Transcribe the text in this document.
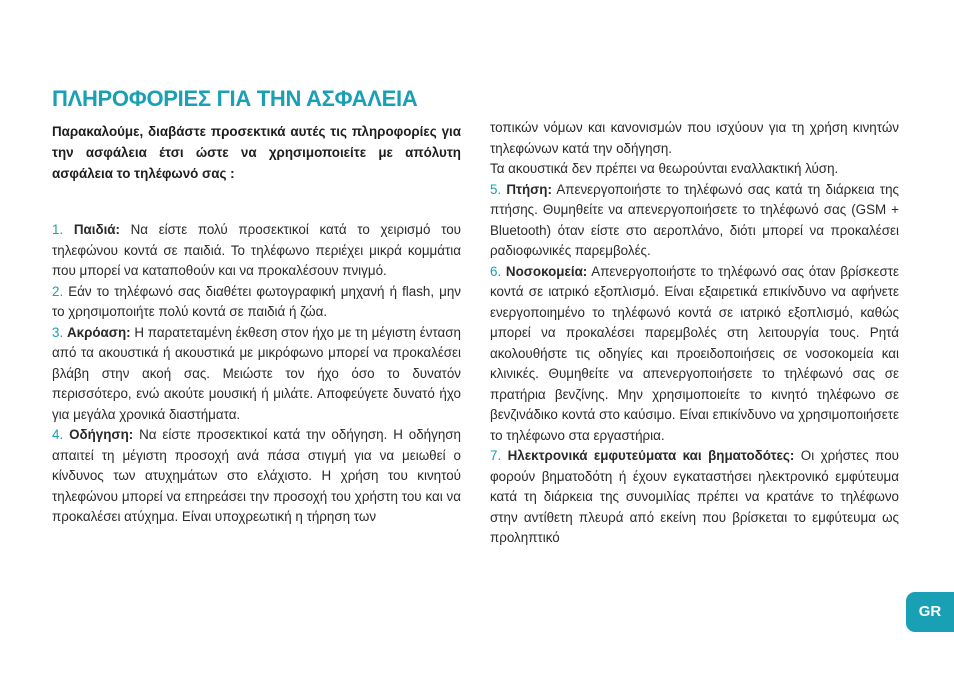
ΠΛΗΡΟΦΟΡΙΕΣ ΓΙΑ ΤΗΝ ΑΣΦΑΛΕΙΑ
Παρακαλούμε, διαβάστε προσεκτικά αυτές τις πληροφορίες για την ασφάλεια έτσι ώστε να χρησιμοποιείτε με απόλυτη ασφάλεια το τηλέφωνό σας :

1. Παιδιά: Να είστε πολύ προσεκτικοί κατά το χειρισμό του τηλεφώνου κοντά σε παιδιά. Το τηλέφωνο περιέχει μικρά κομμάτια που μπορεί να καταποθούν και να προκαλέσουν πνιγμό.

2. Εάν το τηλέφωνό σας διαθέτει φωτογραφική μηχανή ή flash, μην το χρησιμοποιήτε πολύ κοντά σε παιδιά ή ζώα.

3. Ακρόαση: Η παρατεταμένη έκθεση στον ήχο με τη μέγιστη ένταση από τα ακουστικά ή ακουστικά με μικρόφωνο μπορεί να προκαλέσει βλάβη στην ακοή σας. Μειώστε τον ήχο όσο το δυνατόν περισσότερο, ενώ ακούτε μουσική ή μιλάτε. Αποφεύγετε δυνατό ήχο για μεγάλα χρονικά διαστήματα.

4. Οδήγηση: Να είστε προσεκτικοί κατά την οδήγηση. Η οδήγηση απαιτεί τη μέγιστη προσοχή ανά πάσα στιγμή για να μειωθεί ο κίνδυνος των ατυχημάτων στο ελάχιστο. Η χρήση του κινητού τηλεφώνου μπορεί να επηρεάσει την προσοχή του χρήστη του και να προκαλέσει ατύχημα. Είναι υποχρεωτική η τήρηση των

τοπικών νόμων και κανονισμών που ισχύουν για τη χρήση κινητών τηλεφώνων κατά την οδήγηση.

Τα ακουστικά δεν πρέπει να θεωρούνται εναλλακτική λύση.

5. Πτήση: Απενεργοποιήστε το τηλέφωνό σας κατά τη διάρκεια της πτήσης. Θυμηθείτε να απενεργοποιήσετε το τηλέφωνό σας (GSM + Bluetooth) όταν είστε στο αεροπλάνο, διότι μπορεί να προκαλέσει ραδιοφωνικές παρεμβολές.

6. Νοσοκομεία: Απενεργοποιήστε το τηλέφωνό σας όταν βρίσκεστε κοντά σε ιατρικό εξοπλισμό. Είναι εξαιρετικά επικίνδυνο να αφήνετε ενεργοποιημένο το τηλέφωνό κοντά σε ιατρικό εξοπλισμό, καθώς μπορεί να προκαλέσει παρεμβολές στη λειτουργία τους. Ρητά ακολουθήστε τις οδηγίες και προειδοποιήσεις σε νοσοκομεία και κλινικές. Θυμηθείτε να απενεργοποιήσετε το τηλέφωνό σας σε πρατήρια βενζίνης. Μην χρησιμοποιείτε το κινητό τηλέφωνο σε βενζινάδικο κοντά στο καύσιμο. Είναι επικίνδυνο να χρησιμοποιήσετε το τηλέφωνο στα εργαστήρια.

7. Ηλεκτρονικά εμφυτεύματα και βηματοδότες: Οι χρήστες που φορούν βηματοδότη ή έχουν εγκαταστήσει ηλεκτρονικό εμφύτευμα κατά τη διάρκεια της συνομιλίας πρέπει να κρατάνε το τηλέφωνο στην αντίθετη πλευρά από εκείνη που βρίσκεται το εμφύτευμα ως προληπτικό

GR
